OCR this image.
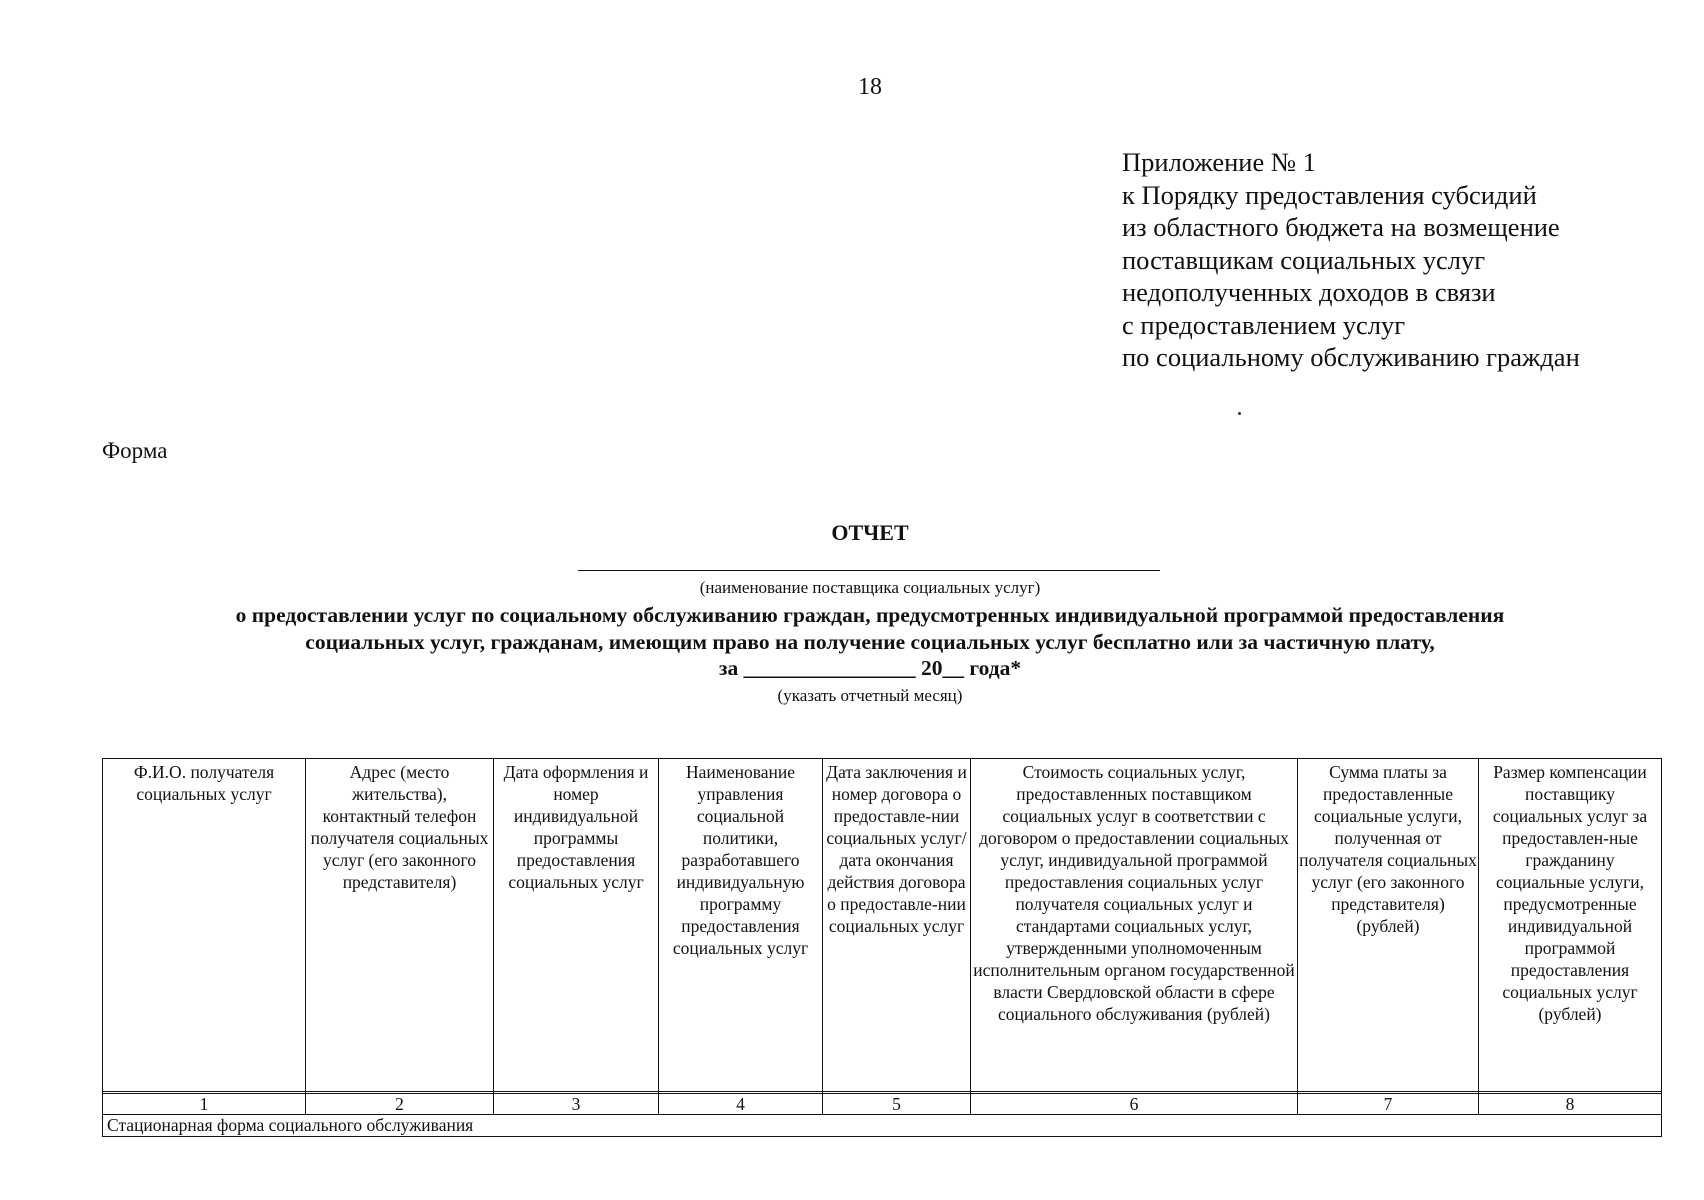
18
Приложение № 1
к Порядку предоставления субсидий
из областного бюджета на возмещение
поставщикам социальных услуг
недополученных доходов в связи
с предоставлением услуг
по социальному обслуживанию граждан
Форма
ОТЧЕТ
(наименование поставщика социальных услуг)
о предоставлении услуг по социальному обслуживанию граждан, предусмотренных индивидуальной программой предоставления
социальных услуг, гражданам, имеющим право на получение социальных услуг бесплатно или за частичную плату,
за ________________ 20__ года*
(указать отчетный месяц)
Ф.И.О. получателя социальных услуг	Адрес (место жительства), контактный телефон получателя социальных услуг (его законного представителя)	Дата оформления и номер индивидуальной программы предоставления социальных услуг	Наименование управления социальной политики, разработавшего индивидуальную программу предоставления социальных услуг	Дата заключения и номер договора о предоставле-нии социальных услуг/дата окончания действия договора о предоставле-нии социальных услуг	Стоимость социальных услуг, предоставленных поставщиком социальных услуг в соответствии с договором о предоставлении социальных услуг, индивидуальной программой предоставления социальных услуг получателя социальных услуг и стандартами социальных услуг, утвержденными уполномоченным исполнительным органом государственной власти Свердловской области в сфере социального обслуживания (рублей)	Сумма платы за предоставленные социальные услуги, полученная от получателя социальных услуг (его законного представителя) (рублей)	Размер компенсации поставщику социальных услуг за предоставлен-ные гражданину социальные услуги, предусмотренные индивидуальной программой предоставления социальных услуг (рублей)

1	2	3	4	5	6	7	8
Стационарная форма социального обслуживания							
